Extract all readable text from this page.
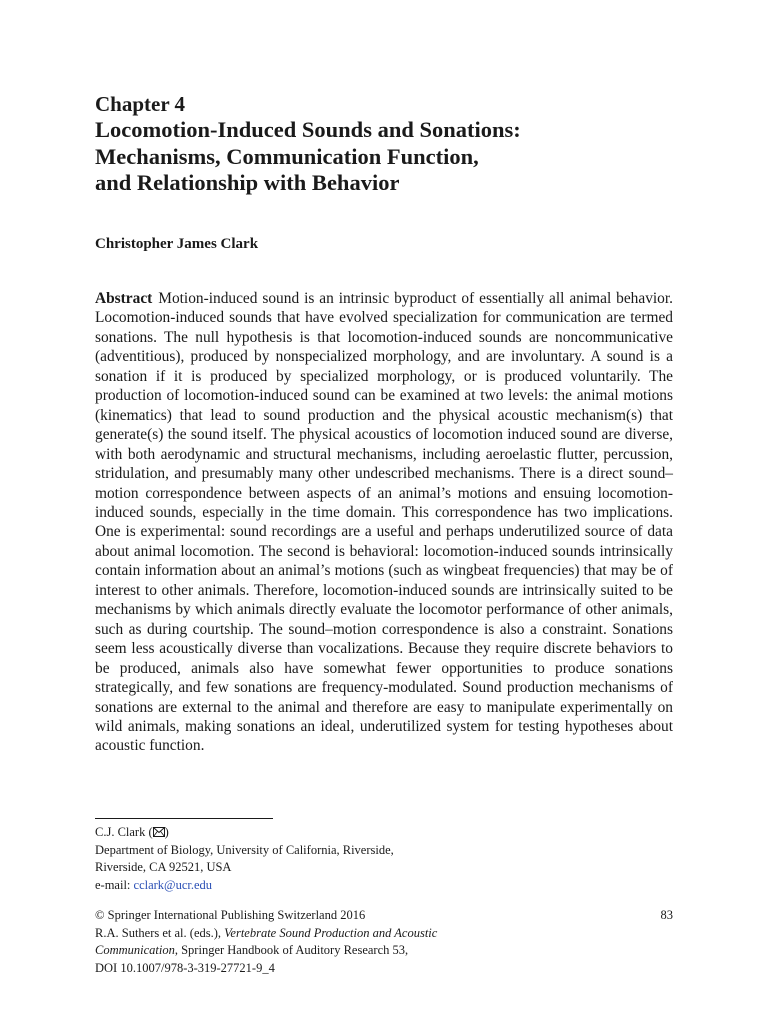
Chapter 4
Locomotion-Induced Sounds and Sonations:
Mechanisms, Communication Function,
and Relationship with Behavior
Christopher James Clark
Abstract Motion-induced sound is an intrinsic byproduct of essentially all animal behavior. Locomotion-induced sounds that have evolved specialization for communication are termed sonations. The null hypothesis is that locomotion-induced sounds are noncommunicative (adventitious), produced by nonspecialized morphology, and are involuntary. A sound is a sonation if it is produced by specialized morphology, or is produced voluntarily. The production of locomotion-induced sound can be examined at two levels: the animal motions (kinematics) that lead to sound production and the physical acoustic mechanism(s) that generate(s) the sound itself. The physical acoustics of locomotion induced sound are diverse, with both aerodynamic and structural mechanisms, including aeroelastic flutter, percussion, stridulation, and presumably many other undescribed mechanisms. There is a direct sound–motion correspondence between aspects of an animal’s motions and ensuing locomotion-induced sounds, especially in the time domain. This correspondence has two implications. One is experimental: sound recordings are a useful and perhaps underutilized source of data about animal locomotion. The second is behavioral: locomotion-induced sounds intrinsically contain information about an animal’s motions (such as wingbeat frequencies) that may be of interest to other animals. Therefore, locomotion-induced sounds are intrinsically suited to be mechanisms by which animals directly evaluate the locomotor performance of other animals, such as during courtship. The sound–motion correspondence is also a constraint. Sonations seem less acoustically diverse than vocalizations. Because they require discrete behaviors to be produced, animals also have somewhat fewer opportunities to produce sonations strategically, and few sonations are frequency-modulated. Sound production mechanisms of sonations are external to the animal and therefore are easy to manipulate experimentally on wild animals, making sonations an ideal, underutilized system for testing hypotheses about acoustic function.
C.J. Clark ( )
Department of Biology, University of California, Riverside,
Riverside, CA 92521, USA
e-mail: cclark@ucr.edu
© Springer International Publishing Switzerland 2016
R.A. Suthers et al. (eds.), Vertebrate Sound Production and Acoustic
Communication, Springer Handbook of Auditory Research 53,
DOI 10.1007/978-3-319-27721-9_4
83
